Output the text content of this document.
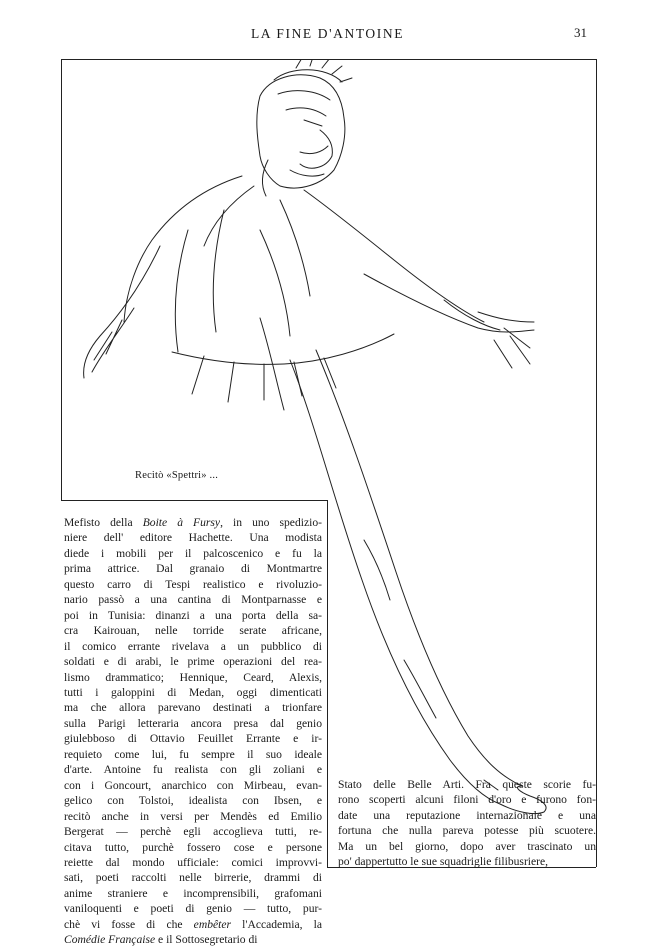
LA FINE D'ANTOINE	31
Recitò «Spettri» ...
Mefisto della Boite à Fursy, in uno spedizio-
niere dell' editore Hachette. Una modista
diede i mobili per il palcoscenico e fu la
prima attrice. Dal granaio di Montmartre
questo carro di Tespi realistico e rivoluzio-
nario passò a una cantina di Montparnasse e
poi in Tunisia: dinanzi a una porta della sa-
cra Kairouan, nelle torride serate africane,
il comico errante rivelava a un pubblico di
soldati e di arabi, le prime operazioni del rea-
lismo drammatico; Hennique, Ceard, Alexis,
tutti i galoppini di Medan, oggi dimenticati
ma che allora parevano destinati a trionfare
sulla Parigi letteraria ancora presa dal genio
giulebboso di Ottavio Feuillet Errante e ir-
requieto come lui, fu sempre il suo ideale
d'arte. Antoine fu realista con gli zoliani e
con i Goncourt, anarchico con Mirbeau, evan-
gelico con Tolstoi, idealista con Ibsen, e
recitò anche in versi per Mendès ed Emilio
Bergerat — perchè egli accoglieva tutti, re-
citava tutto, purchè fossero cose e persone
reiette dal mondo ufficiale: comici improvvi-
sati, poeti raccolti nelle birrerie, drammi di
anime straniere e incomprensibili, grafomani
vaniloquenti e poeti di genio — tutto, pur-
chè vi fosse di che embêter l'Accademia, la
Comédie Française e il Sottosegretario di
Stato delle Belle Arti. Fra queste scorie fu-
rono scoperti alcuni filoni d'oro e furono fon-
date una reputazione internazionale e una
fortuna che nulla pareva potesse più scuotere.
Ma un bel giorno, dopo aver trascinato un
po' dappertutto le sue squadriglie filibusriere,
